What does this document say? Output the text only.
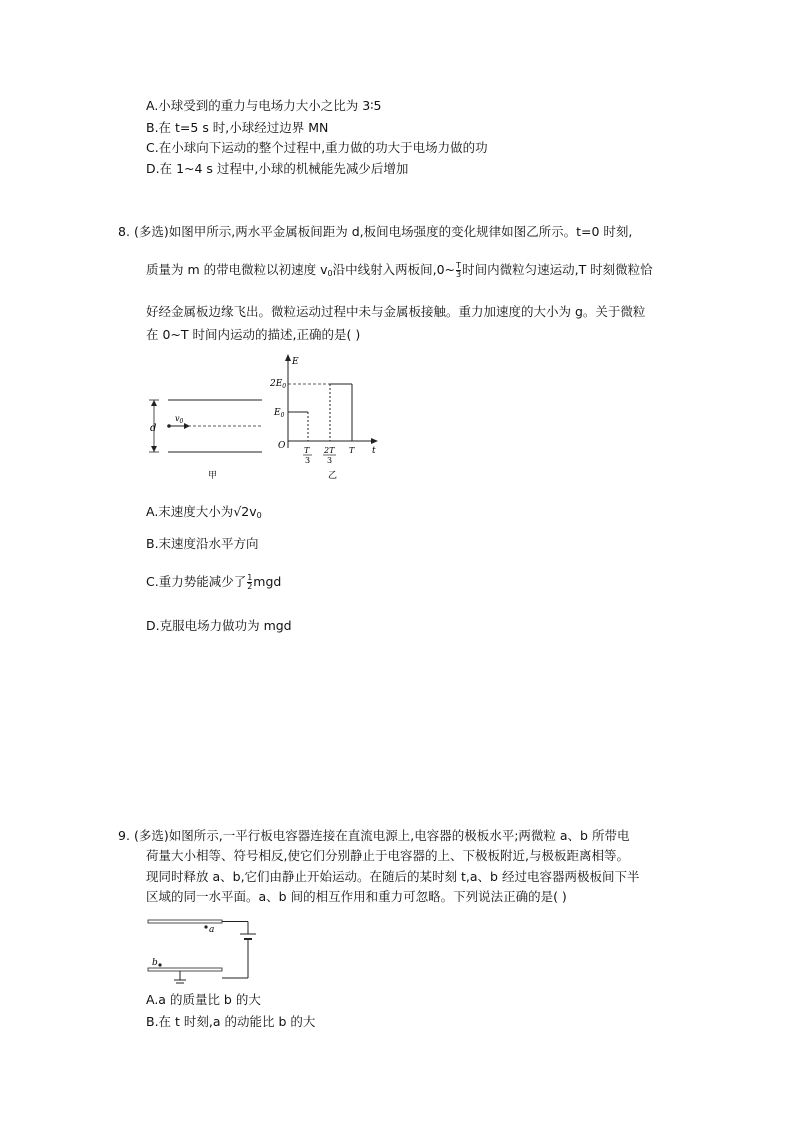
A.小球受到的重力与电场力大小之比为 3∶5
B.在 t=5 s 时,小球经过边界 MN
C.在小球向下运动的整个过程中,重力做的功大于电场力做的功
D.在 1~4 s 过程中,小球的机械能先减少后增加
8. (多选)如图甲所示,两水平金属板间距为 d,板间电场强度的变化规律如图乙所示。t=0 时刻,
质量为 m 的带电微粒以初速度 $v_0$沿中线射入两板间,0~ $\frac{T}{3}$ 时间内微粒匀速运动,T 时刻微粒恰
好经金属板边缘飞出。微粒运动过程中未与金属板接触。重力加速度的大小为 g。关于微粒
在 0~T 时间内运动的描述,正确的是( )
d
$v_0$
甲
E
t
O
$2E_0$
$E_0$
T
3
2T
3
T
乙
A.末速度大小为$√2v_0$
B.末速度沿水平方向
C.重力势能减少了 $\frac{1}{2}$ mgd
D.克服电场力做功为 mgd
9. (多选)如图所示,一平行板电容器连接在直流电源上,电容器的极板水平;两微粒 a、b 所带电
荷量大小相等、符号相反,使它们分别静止于电容器的上、下极板附近,与极板距离相等。
现同时释放 a、b,它们由静止开始运动。在随后的某时刻 t,a、b 经过电容器两极板间下半
区域的同一水平面。a、b 间的相互作用和重力可忽略。下列说法正确的是( )
a
b
A.a 的质量比 b 的大
B.在 t 时刻,a 的动能比 b 的大
